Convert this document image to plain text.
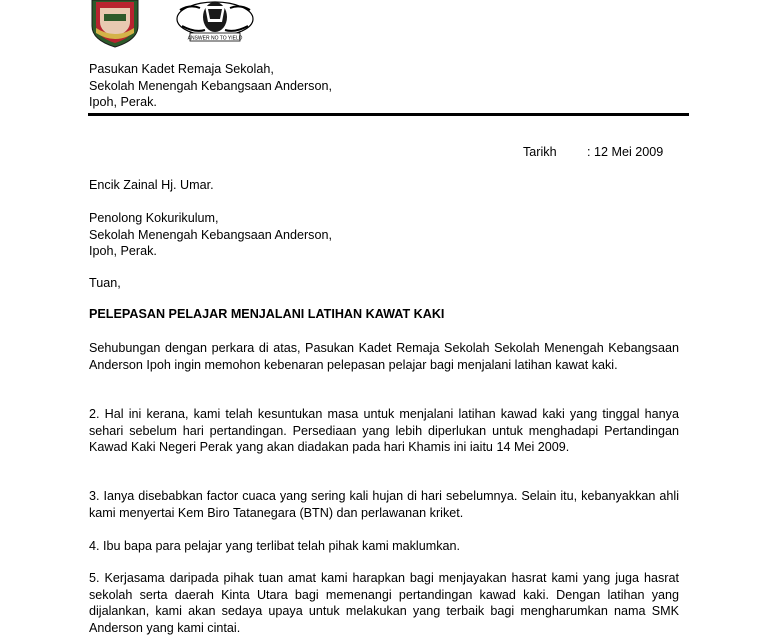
ANSWER NO TO YIELD
Pasukan Kadet Remaja Sekolah,
Sekolah Menengah Kebangsaan Anderson,
Ipoh, Perak.
Tarikh : 12 Mei 2009
Encik Zainal Hj. Umar.
Penolong Kokurikulum,
Sekolah Menengah Kebangsaan Anderson,
Ipoh, Perak.
Tuan,
PELEPASAN PELAJAR MENJALANI LATIHAN KAWAT KAKI
Sehubungan dengan perkara di atas, Pasukan Kadet Remaja Sekolah Sekolah Menengah Kebangsaan Anderson Ipoh ingin memohon kebenaran pelepasan pelajar bagi menjalani latihan kawat kaki.
2. Hal ini kerana, kami telah kesuntukan masa untuk menjalani latihan kawad kaki yang tinggal hanya sehari sebelum hari pertandingan. Persediaan yang lebih diperlukan untuk menghadapi Pertandingan Kawad Kaki Negeri Perak yang akan diadakan pada hari Khamis ini iaitu 14 Mei 2009.
3. Ianya disebabkan factor cuaca yang sering kali hujan di hari sebelumnya. Selain itu, kebanyakkan ahli kami menyertai Kem Biro Tatanegara (BTN) dan perlawanan kriket.
4. Ibu bapa para pelajar yang terlibat telah pihak kami maklumkan.
5. Kerjasama daripada pihak tuan amat kami harapkan bagi menjayakan hasrat kami yang juga hasrat sekolah serta daerah Kinta Utara bagi memenangi pertandingan kawad kaki. Dengan latihan yang dijalankan, kami akan sedaya upaya untuk melakukan yang terbaik bagi mengharumkan nama SMK Anderson yang kami cintai.
